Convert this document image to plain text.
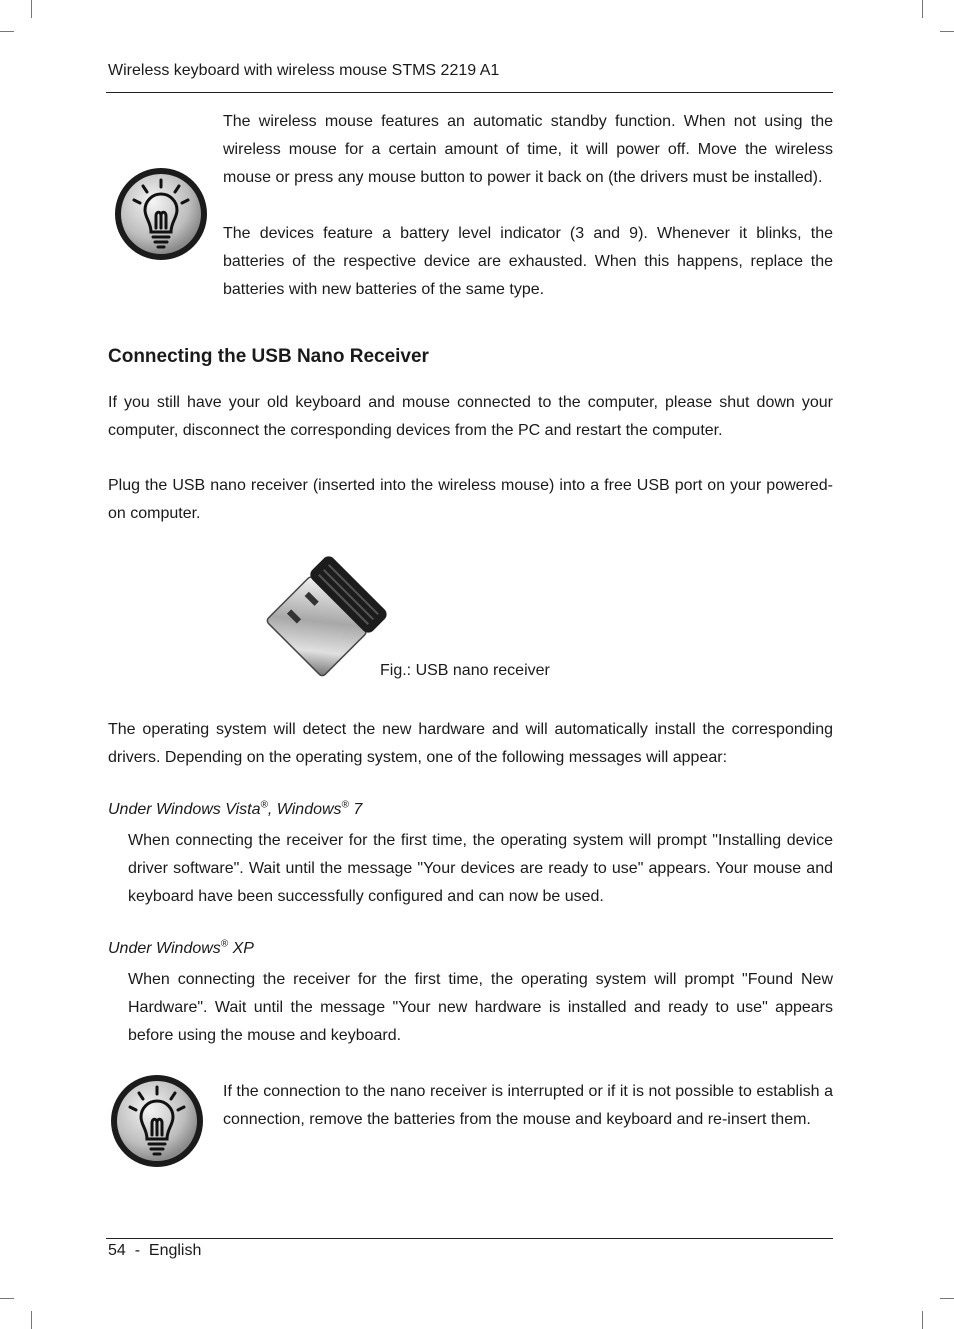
Wireless keyboard with wireless mouse STMS 2219 A1

The wireless mouse features an automatic standby function. When not using the wireless mouse for a certain amount of time, it will power off. Move the wireless mouse or press any mouse button to power it back on (the drivers must be installed).

The devices feature a battery level indicator (3 and 9). Whenever it blinks, the batteries of the respective device are exhausted. When this happens, replace the batteries with new batteries of the same type.

Connecting the USB Nano Receiver

If you still have your old keyboard and mouse connected to the computer, please shut down your computer, disconnect the corresponding devices from the PC and restart the computer.

Plug the USB nano receiver (inserted into the wireless mouse) into a free USB port on your powered-on computer.

Fig.: USB nano receiver

The operating system will detect the new hardware and will automatically install the corresponding drivers. Depending on the operating system, one of the following messages will appear:

Under Windows Vista®, Windows® 7

When connecting the receiver for the first time, the operating system will prompt "Installing device driver software". Wait until the message "Your devices are ready to use" appears. Your mouse and keyboard have been successfully configured and can now be used.

Under Windows® XP

When connecting the receiver for the first time, the operating system will prompt "Found New Hardware". Wait until the message "Your new hardware is installed and ready to use" appears before using the mouse and keyboard.

If the connection to the nano receiver is interrupted or if it is not possible to establish a connection, remove the batteries from the mouse and keyboard and re-insert them.

54  -  English
